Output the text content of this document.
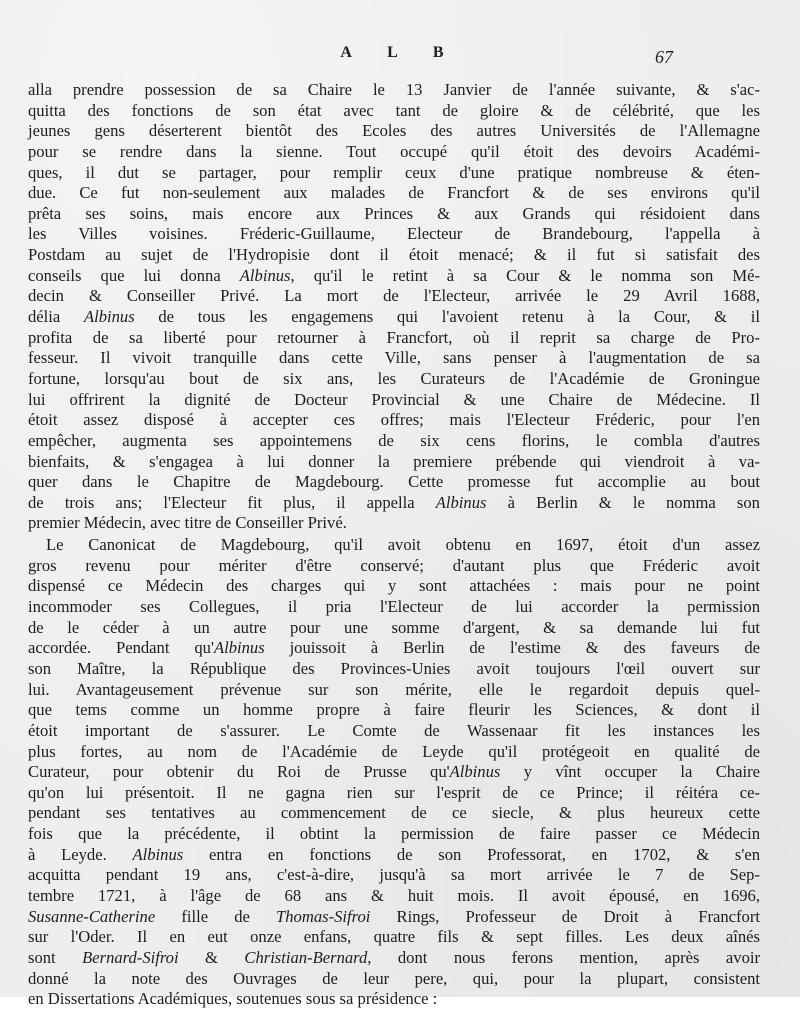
A L B	67
alla prendre possession de sa Chaire le 13 Janvier de l'année suivante, & s'ac-
quitta des fonctions de son état avec tant de gloire & de célébrité, que les
jeunes gens déserterent bientôt des Ecoles des autres Universités de l'Allemagne
pour se rendre dans la sienne. Tout occupé qu'il étoit des devoirs Académi-
ques, il dut se partager, pour remplir ceux d'une pratique nombreuse & éten-
due. Ce fut non-seulement aux malades de Francfort & de ses environs qu'il
prêta ses soins, mais encore aux Princes & aux Grands qui résidoient dans
les Villes voisines. Fréderic-Guillaume, Electeur de Brandebourg, l'appella à
Postdam au sujet de l'Hydropisie dont il étoit menacé; & il fut si satisfait des
conseils que lui donna Albinus, qu'il le retint à sa Cour & le nomma son Mé-
decin & Conseiller Privé. La mort de l'Electeur, arrivée le 29 Avril 1688,
délia Albinus de tous les engagemens qui l'avoient retenu à la Cour, & il
profita de sa liberté pour retourner à Francfort, où il reprit sa charge de Pro-
fesseur. Il vivoit tranquille dans cette Ville, sans penser à l'augmentation de sa
fortune, lorsqu'au bout de six ans, les Curateurs de l'Académie de Groningue
lui offrirent la dignité de Docteur Provincial & une Chaire de Médecine. Il
étoit assez disposé à accepter ces offres; mais l'Electeur Fréderic, pour l'en
empêcher, augmenta ses appointemens de six cens florins, le combla d'autres
bienfaits, & s'engagea à lui donner la premiere prébende qui viendroit à va-
quer dans le Chapitre de Magdebourg. Cette promesse fut accomplie au bout
de trois ans; l'Electeur fit plus, il appella Albinus à Berlin & le nomma son
premier Médecin, avec titre de Conseiller Privé.
Le Canonicat de Magdebourg, qu'il avoit obtenu en 1697, étoit d'un assez
gros revenu pour mériter d'être conservé; d'autant plus que Fréderic avoit
dispensé ce Médecin des charges qui y sont attachées : mais pour ne point
incommoder ses Collegues, il pria l'Electeur de lui accorder la permission
de le céder à un autre pour une somme d'argent, & sa demande lui fut
accordée. Pendant qu'Albinus jouissoit à Berlin de l'estime & des faveurs de
son Maître, la République des Provinces-Unies avoit toujours l'œil ouvert sur
lui. Avantageusement prévenue sur son mérite, elle le regardoit depuis quel-
que tems comme un homme propre à faire fleurir les Sciences, & dont il
étoit important de s'assurer. Le Comte de Wassenaar fit les instances les
plus fortes, au nom de l'Académie de Leyde qu'il protégeoit en qualité de
Curateur, pour obtenir du Roi de Prusse qu'Albinus y vînt occuper la Chaire
qu'on lui présentoit. Il ne gagna rien sur l'esprit de ce Prince; il réitéra ce-
pendant ses tentatives au commencement de ce siecle, & plus heureux cette
fois que la précédente, il obtint la permission de faire passer ce Médecin
à Leyde. Albinus entra en fonctions de son Professorat, en 1702, & s'en
acquitta pendant 19 ans, c'est-à-dire, jusqu'à sa mort arrivée le 7 de Sep-
tembre 1721, à l'âge de 68 ans & huit mois. Il avoit épousé, en 1696,
Susanne-Catherine fille de Thomas-Sifroi Rings, Professeur de Droit à Francfort
sur l'Oder. Il en eut onze enfans, quatre fils & sept filles. Les deux aînés
sont Bernard-Sifroi & Christian-Bernard, dont nous ferons mention, après avoir
donné la note des Ouvrages de leur pere, qui, pour la plupart, consistent
en Dissertations Académiques, soutenues sous sa présidence :
